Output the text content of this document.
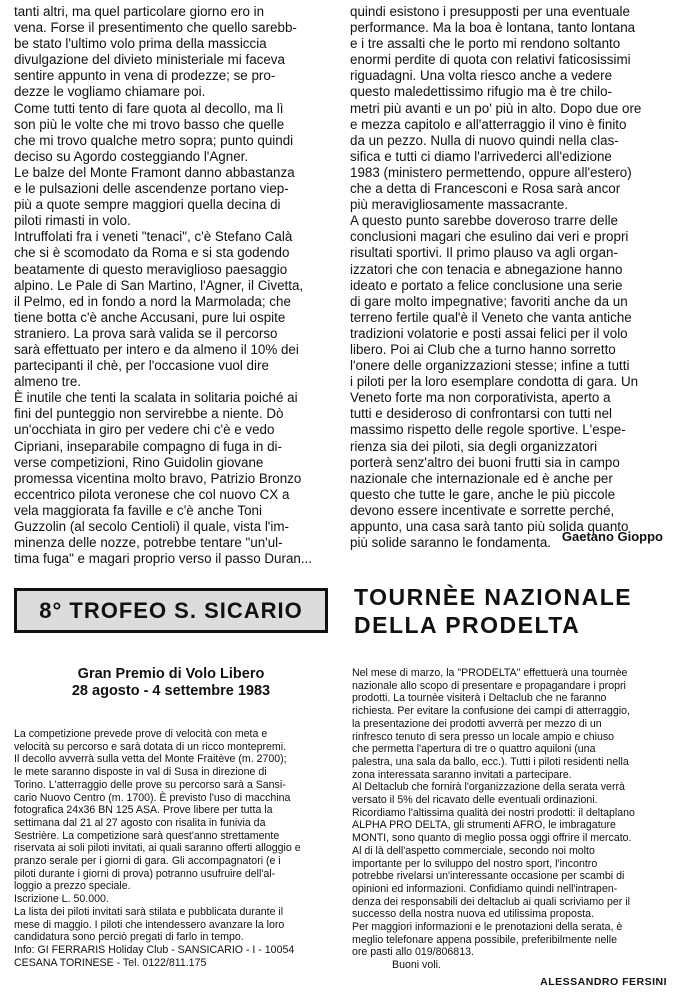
tanti altri, ma quel particolare giorno ero in
vena. Forse il presentimento che quello sarebb-
be stato l'ultimo volo prima della massiccia
divulgazione del divieto ministeriale mi faceva
sentire appunto in vena di prodezze; se pro-
dezze le vogliamo chiamare poi.

Come tutti tento di fare quota al decollo, ma lì
son più le volte che mi trovo basso che quelle
che mi trovo qualche metro sopra; punto quindi
deciso su Agordo costeggiando l'Agner.

Le balze del Monte Framont danno abbastanza
e le pulsazioni delle ascendenze portano viep-
più a quote sempre maggiori quella decina di
piloti rimasti in volo.

Intruffolati fra i veneti "tenaci", c'è Stefano Calà
che si è scomodato da Roma e si sta godendo
beatamente di questo meraviglioso paesaggio
alpino. Le Pale di San Martino, l'Agner, il Civetta,
il Pelmo, ed in fondo a nord la Marmolada; che
tiene botta c'è anche Accusani, pure lui ospite
straniero. La prova sarà valida se il percorso
sarà effettuato per intero e da almeno il 10% dei
partecipanti il chè, per l'occasione vuol dire
almeno tre.

È inutile che tenti la scalata in solitaria poiché ai
fini del punteggio non servirebbe a niente. Dò
un'occhiata in giro per vedere chi c'è e vedo
Cipriani, inseparabile compagno di fuga in di-
verse competizioni, Rino Guidolin giovane
promessa vicentina molto bravo, Patrizio Bronzo
eccentrico pilota veronese che col nuovo CX a
vela maggiorata fa faville e c'è anche Toni
Guzzolin (al secolo Centioli) il quale, vista l'im-
minenza delle nozze, potrebbe tentare "un'ul-
tima fuga" e magari proprio verso il passo Duran...

quindi esistono i presupposti per una eventuale
performance. Ma la boa è lontana, tanto lontana
e i tre assalti che le porto mi rendono soltanto
enormi perdite di quota con relativi faticosissimi
riguadagni. Una volta riesco anche a vedere
questo maledettissimo rifugio ma è tre chilo-
metri più avanti e un po' più in alto. Dopo due ore
e mezza capitolo e all'atterraggio il vino è finito
da un pezzo. Nulla di nuovo quindi nella clas-
sifica e tutti ci diamo l'arrivederci all'edizione
1983 (ministero permettendo, oppure all'estero)
che a detta di Francesconi e Rosa sarà ancor
più meravigliosamente massacrante.

A questo punto sarebbe doveroso trarre delle
conclusioni magari che esulino dai veri e propri
risultati sportivi. Il primo plauso va agli organ-
izzatori che con tenacia e abnegazione hanno
ideato e portato a felice conclusione una serie
di gare molto impegnative; favoriti anche da un
terreno fertile qual'è il Veneto che vanta antiche
tradizioni volatorie e posti assai felici per il volo
libero. Poi ai Club che a turno hanno sorretto
l'onere delle organizzazioni stesse; infine a tutti
i piloti per la loro esemplare condotta di gara. Un
Veneto forte ma non corporativista, aperto a
tutti e desideroso di confrontarsi con tutti nel
massimo rispetto delle regole sportive. L'espe-
rienza sia dei piloti, sia degli organizzatori
porterà senz'altro dei buoni frutti sia in campo
nazionale che internazionale ed è anche per
questo che tutte le gare, anche le più piccole
devono essere incentivate e sorrette perché,
appunto, una casa sarà tanto più solida quanto
più solide saranno le fondamenta. Gaetano Gioppo
8° TROFEO S. SICARIO TOURNÈE NAZIONALE
DELLA PRODELTA
Gran Premio di Volo Libero
28 agosto - 4 settembre 1983

La competizione prevede prove di velocità con meta e
velocità su percorso e sarà dotata di un ricco montepremi.
Il decollo avverrà sulla vetta del Monte Fraitève (m. 2700);
le mete saranno disposte in val di Susa in direzione di
Torino. L'atterraggio delle prove su percorso sarà a Sansi-
cario Nuovo Centro (m. 1700). È previsto l'uso di macchina
fotografica 24x36 BN 125 ASA. Prove libere per tutta la
settimana dal 21 al 27 agosto con risalita in funivia da
Sestrière. La competizione sarà quest'anno strettamente
riservata ai soli piloti invitati, ai quali saranno offerti alloggio e
pranzo serale per i giorni di gara. Gli accompagnatori (e i
piloti durante i giorni di prova) potranno usufruire dell'al-
loggio a prezzo speciale.

Iscrizione L. 50.000.

La lista dei piloti invitati sarà stilata e pubblicata durante il
mese di maggio. I piloti che intendessero avanzare la loro
candidatura sono perciò pregati di farlo in tempo.
Info: GI FERRARIS Holiday Club - SANSICARIO - I - 10054
CESANA TORINESE - Tel. 0122/811.175

Nel mese di marzo, la "PRODELTA" effettuerà una tournèe
nazionale allo scopo di presentare e propagandare i propri
prodotti. La tournèe visiterà i Deltaclub che ne faranno
richiesta. Per evitare la confusione dei campi di atterraggio,
la presentazione dei prodotti avverrà per mezzo di un
rinfresco tenuto di sera presso un locale ampio e chiuso
che permetta l'apertura di tre o quattro aquiloni (una
palestra, una sala da ballo, ecc.). Tutti i piloti residenti nella
zona interessata saranno invitati a partecipare.
Al Deltaclub che fornirà l'organizzazione della serata verrà
versato il 5% del ricavato delle eventuali ordinazioni.
Ricordiamo l'altissima qualità dei nostri prodotti: il deltaplano
ALPHA PRO DELTA, gli strumenti AFRO, le imbragature
MONTI, sono quanto di meglio possa oggi offrire il mercato.
Al di là dell'aspetto commerciale, secondo noi molto
importante per lo sviluppo del nostro sport, l'incontro
potrebbe rivelarsi un'interessante occasione per scambi di
opinioni ed informazioni. Confidiamo quindi nell'intrapen-
denza dei responsabili dei deltaclub ai quali scriviamo per il
successo della nostra nuova ed utilissima proposta.
Per maggiori informazioni e le prenotazioni della serata, è
meglio telefonare appena possibile, preferibilmente nelle
ore pasti allo 019/806813.

Buoni voli.

ALESSANDRO FERSINI
